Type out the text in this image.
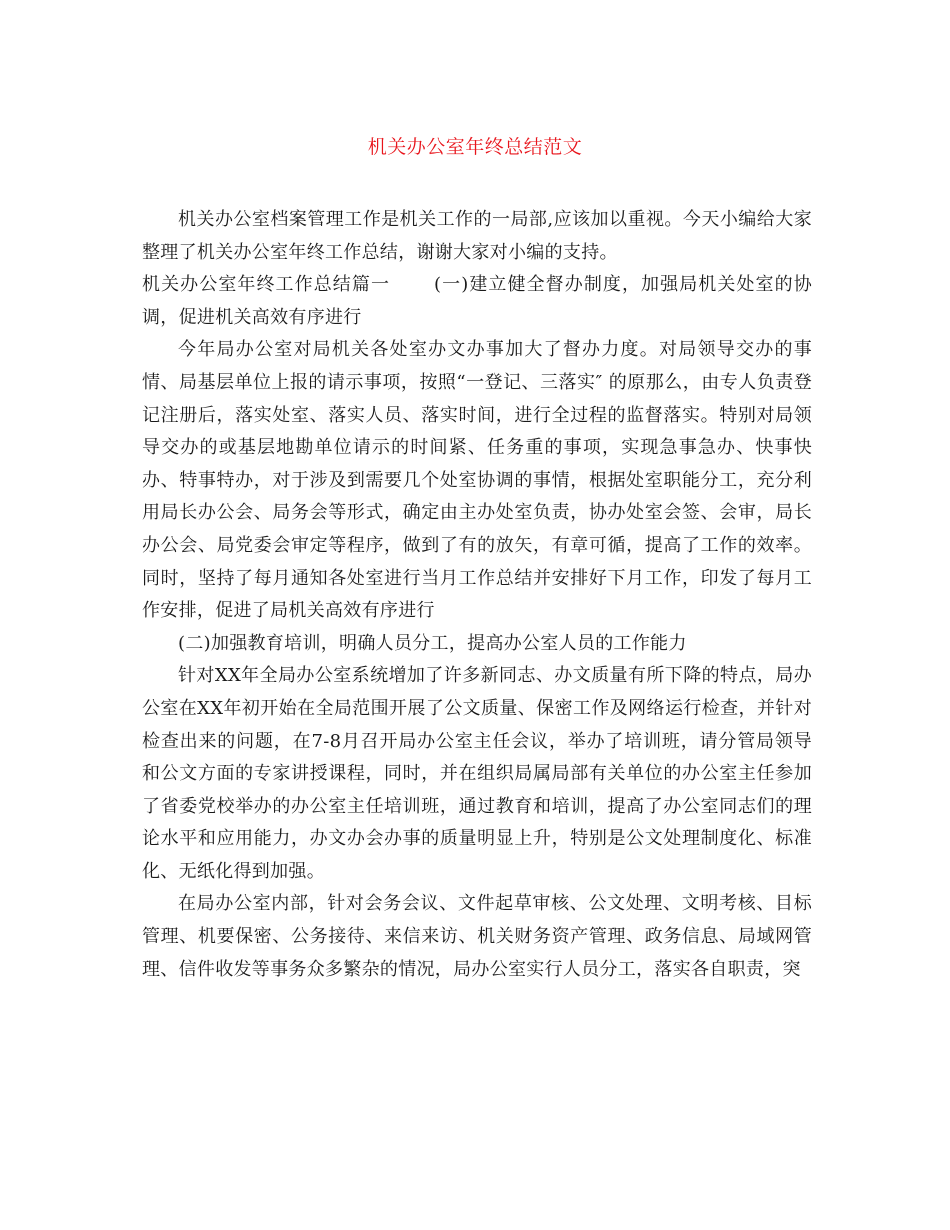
机关办公室年终总结范文

机关办公室档案管理工作是机关工作的一局部,应该加以重视。今天小编给大家整理了机关办公室年终工作总结，谢谢大家对小编的支持。

机关办公室年终工作总结篇一 (一)建立健全督办制度，加强局机关处室的协调，促进机关高效有序进行

今年局办公室对局机关各处室办文办事加大了督办力度。对局领导交办的事情、局基层单位上报的请示事项，按照“一登记、三落实″ 的原那么，由专人负责登记注册后，落实处室、落实人员、落实时间，进行全过程的监督落实。特别对局领导交办的或基层地勘单位请示的时间紧、任务重的事项，实现急事急办、快事快办、特事特办，对于涉及到需要几个处室协调的事情，根据处室职能分工，充分利用局长办公会、局务会等形式，确定由主办处室负责，协办处室会签、会审，局长办公会、局党委会审定等程序，做到了有的放矢，有章可循，提高了工作的效率。同时，坚持了每月通知各处室进行当月工作总结并安排好下月工作，印发了每月工作安排，促进了局机关高效有序进行

(二)加强教育培训，明确人员分工，提高办公室人员的工作能力

针对XX年全局办公室系统增加了许多新同志、办文质量有所下降的特点，局办公室在XX年初开始在全局范围开展了公文质量、保密工作及网络运行检查，并针对检查出来的问题，在7-8月召开局办公室主任会议，举办了培训班，请分管局领导和公文方面的专家讲授课程，同时，并在组织局属局部有关单位的办公室主任参加了省委党校举办的办公室主任培训班，通过教育和培训，提高了办公室同志们的理论水平和应用能力，办文办会办事的质量明显上升，特别是公文处理制度化、标准化、无纸化得到加强。

在局办公室内部，针对会务会议、文件起草审核、公文处理、文明考核、目标管理、机要保密、公务接待、来信来访、机关财务资产管理、政务信息、局域网管理、信件收发等事务众多繁杂的情况，局办公室实行人员分工，落实各自职责，突
